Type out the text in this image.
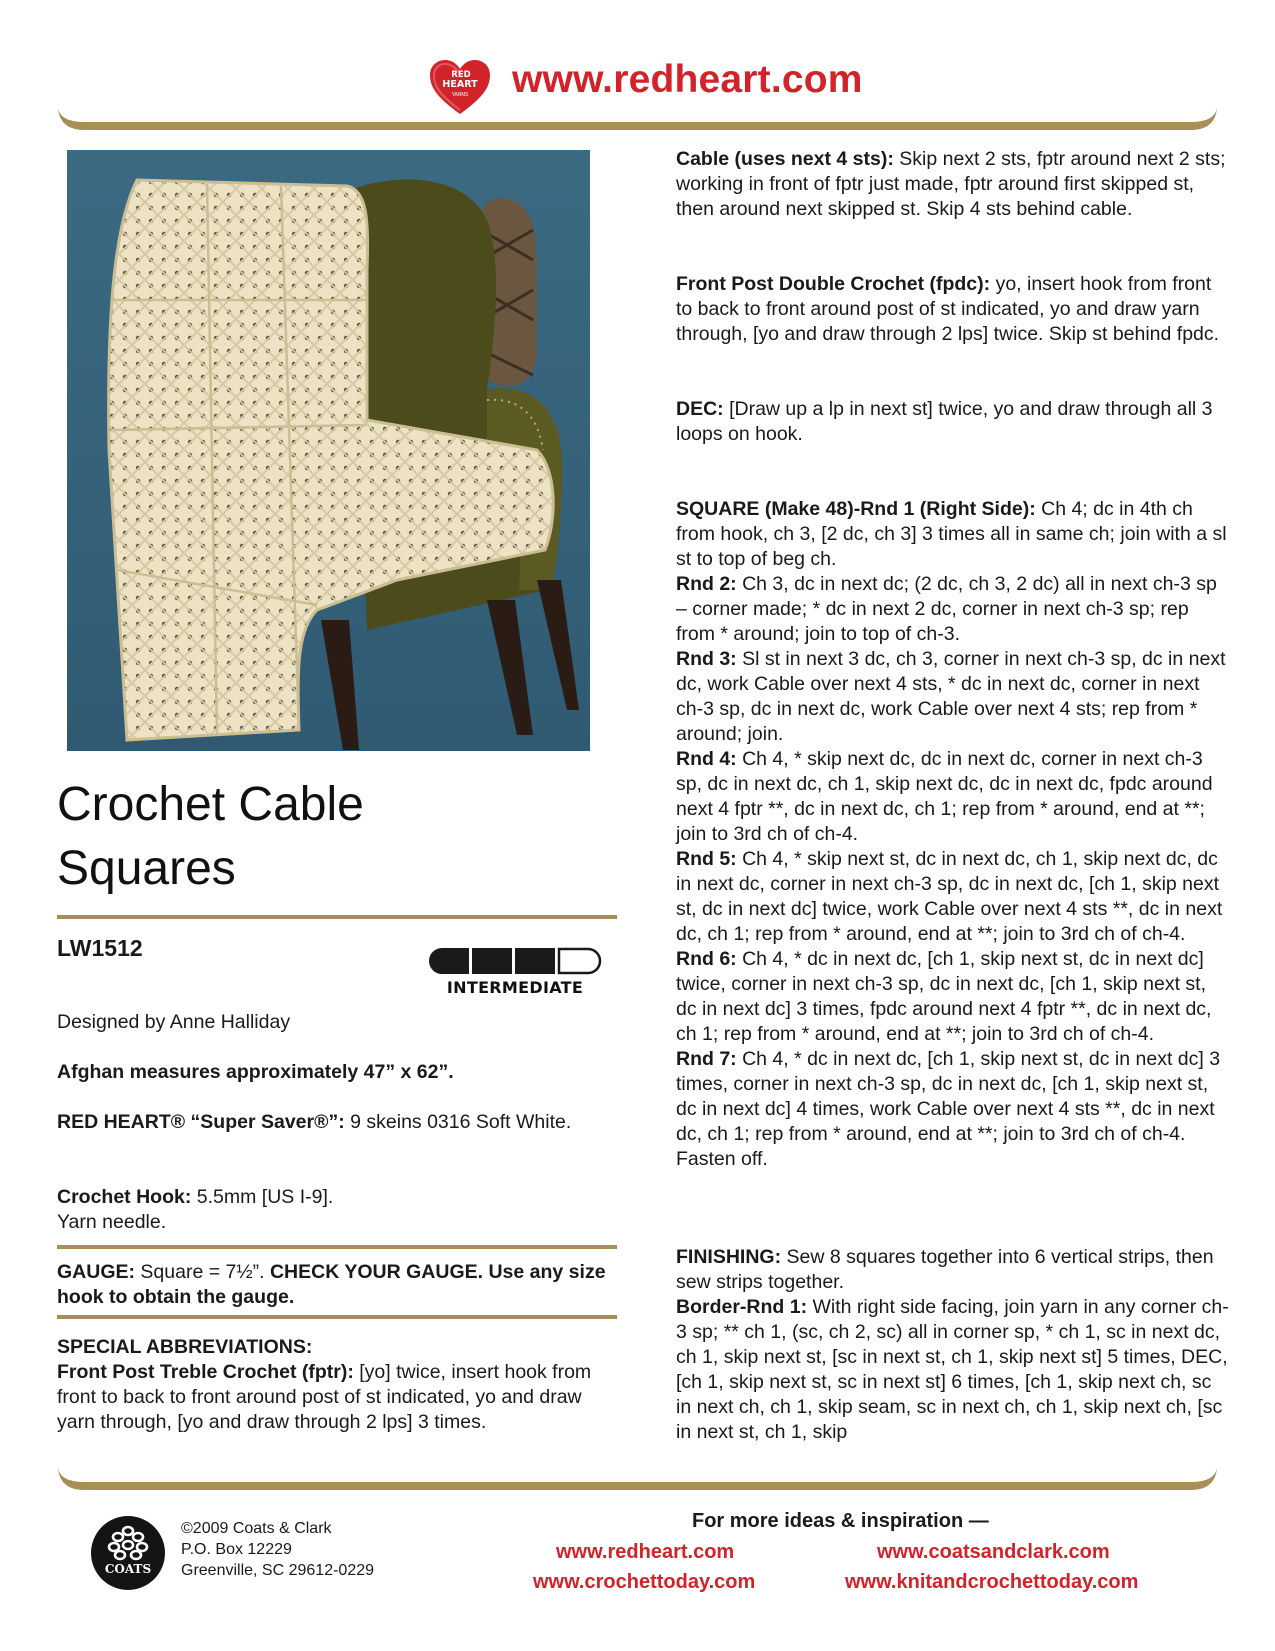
RED
HEART
YARNS www.redheart.com
Crochet Cable
Squares
LW1512
INTERMEDIATE
Designed by Anne Halliday
Afghan measures approximately 47” x 62”.

RED HEART® “Super Saver®”: 9 skeins 0316 Soft White.

Crochet Hook: 5.5mm [US I-9].

Yarn needle.

GAUGE: Square = 7½”. CHECK YOUR GAUGE. Use any size hook to obtain the gauge.

SPECIAL ABBREVIATIONS:

Front Post Treble Crochet (fptr): [yo] twice, insert hook from front to back to front around post of st indicated, yo and draw yarn through, [yo and draw through 2 lps] 3 times.

Cable (uses next 4 sts): Skip next 2 sts, fptr around next 2 sts; working in front of fptr just made, fptr around first skipped st, then around next skipped st. Skip 4 sts behind cable.

Front Post Double Crochet (fpdc): yo, insert hook from front to back to front around post of st indicated, yo and draw yarn through, [yo and draw through 2 lps] twice. Skip st behind fpdc.

DEC: [Draw up a lp in next st] twice, yo and draw through all 3 loops on hook.

SQUARE (Make 48)-Rnd 1 (Right Side): Ch 4; dc in 4th ch from hook, ch 3, [2 dc, ch 3] 3 times all in same ch; join with a sl st to top of beg ch.

Rnd 2: Ch 3, dc in next dc; (2 dc, ch 3, 2 dc) all in next ch-3 sp – corner made; * dc in next 2 dc, corner in next ch-3 sp; rep from * around; join to top of ch-3.

Rnd 3: Sl st in next 3 dc, ch 3, corner in next ch-3 sp, dc in next dc, work Cable over next 4 sts, * dc in next dc, corner in next ch-3 sp, dc in next dc, work Cable over next 4 sts; rep from * around; join.

Rnd 4: Ch 4, * skip next dc, dc in next dc, corner in next ch-3 sp, dc in next dc, ch 1, skip next dc, dc in next dc, fpdc around next 4 fptr **, dc in next dc, ch 1; rep from * around, end at **; join to 3rd ch of ch-4.

Rnd 5: Ch 4, * skip next st, dc in next dc, ch 1, skip next dc, dc in next dc, corner in next ch-3 sp, dc in next dc, [ch 1, skip next st, dc in next dc] twice, work Cable over next 4 sts **, dc in next dc, ch 1; rep from * around, end at **; join to 3rd ch of ch-4.

Rnd 6: Ch 4, * dc in next dc, [ch 1, skip next st, dc in next dc] twice, corner in next ch-3 sp, dc in next dc, [ch 1, skip next st, dc in next dc] 3 times, fpdc around next 4 fptr **, dc in next dc, ch 1; rep from * around, end at **; join to 3rd ch of ch-4.

Rnd 7: Ch 4, * dc in next dc, [ch 1, skip next st, dc in next dc] 3 times, corner in next ch-3 sp, dc in next dc, [ch 1, skip next st, dc in next dc] 4 times, work Cable over next 4 sts **, dc in next dc, ch 1; rep from * around, end at **; join to 3rd ch of ch-4. Fasten off.

FINISHING: Sew 8 squares together into 6 vertical strips, then sew strips together.

Border-Rnd 1: With right side facing, join yarn in any corner ch-3 sp; ** ch 1, (sc, ch 2, sc) all in corner sp, * ch 1, sc in next dc, ch 1, skip next st, [sc in next st, ch 1, skip next st] 5 times, DEC, [ch 1, skip next st, sc in next st] 6 times, [ch 1, skip next ch, sc in next ch, ch 1, skip seam, sc in next ch, ch 1, skip next ch, [sc in next st, ch 1, skip

COATS
©2009 Coats & Clark
P.O. Box 12229
Greenville, SC 29612-0229
For more ideas & inspiration —
www.redheart.com	www.coatsandclark.com
www.crochettoday.com	www.knitandcrochettoday.com
